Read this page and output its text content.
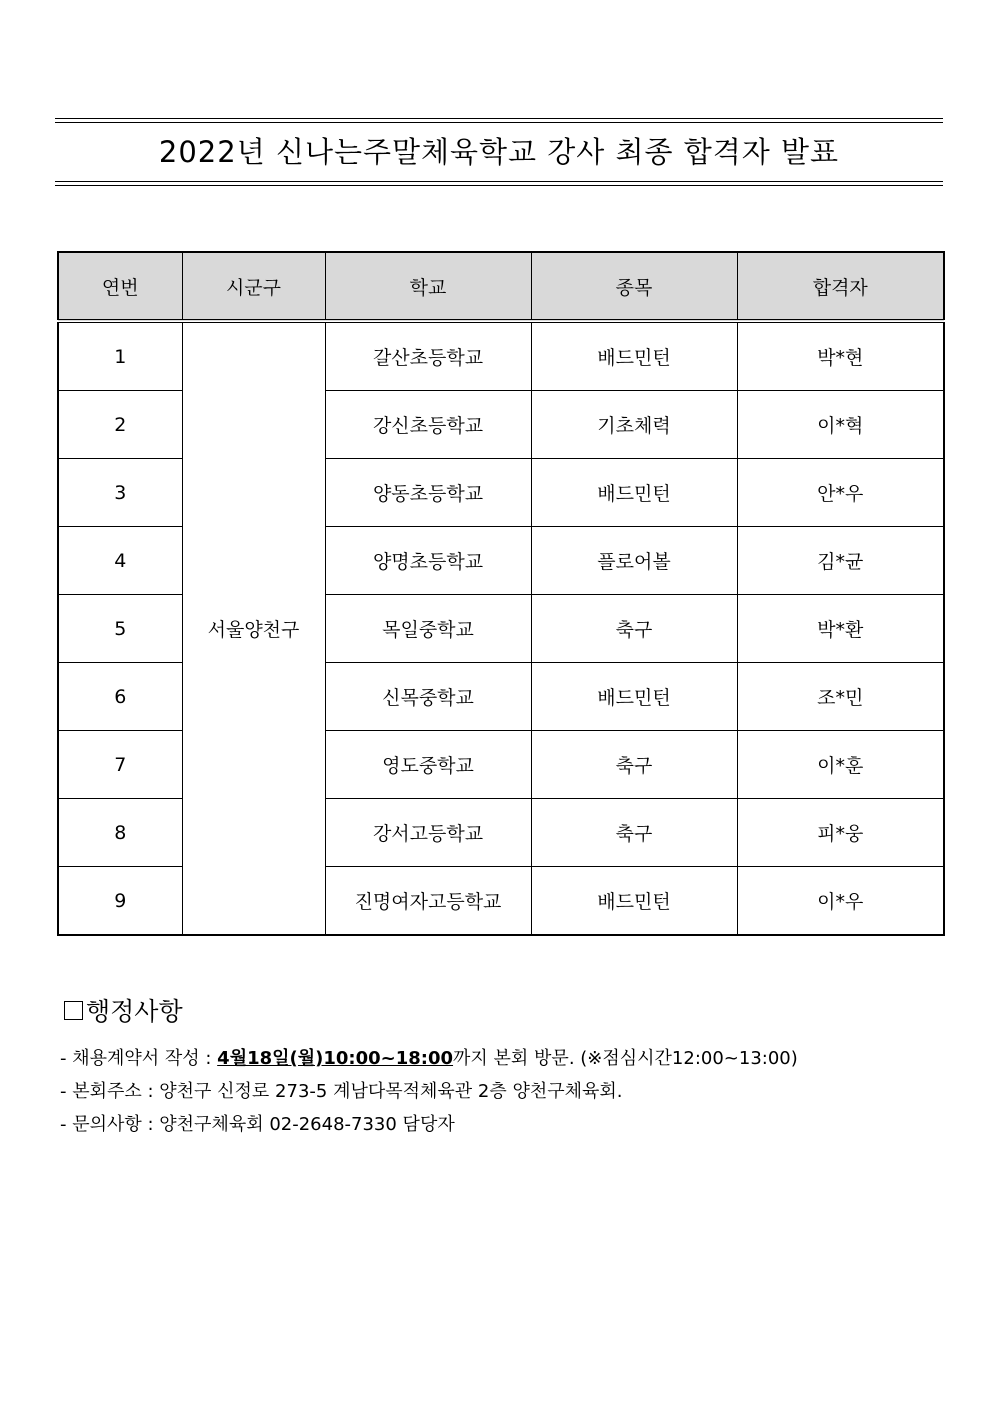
2022년 신나는주말체육학교 강사 최종 합격자 발표
연번	시군구	학교	종목	합격자
1	서울양천구	갈산초등학교	배드민턴	박*현
2		강신초등학교	기초체력	이*혁
3		양동초등학교	배드민턴	안*우
4		양명초등학교	플로어볼	김*균
5		목일중학교	축구	박*환
6		신목중학교	배드민턴	조*민
7		영도중학교	축구	이*훈
8		강서고등학교	축구	피*웅
9		진명여자고등학교	배드민턴	이*우
행정사항
- 채용계약서 작성 : 4월18일(월)10:00~18:00까지 본회 방문. (※점심시간12:00~13:00)
- 본회주소 : 양천구 신정로 273-5 계남다목적체육관 2층 양천구체육회.
- 문의사항 : 양천구체육회 02-2648-7330 담당자
